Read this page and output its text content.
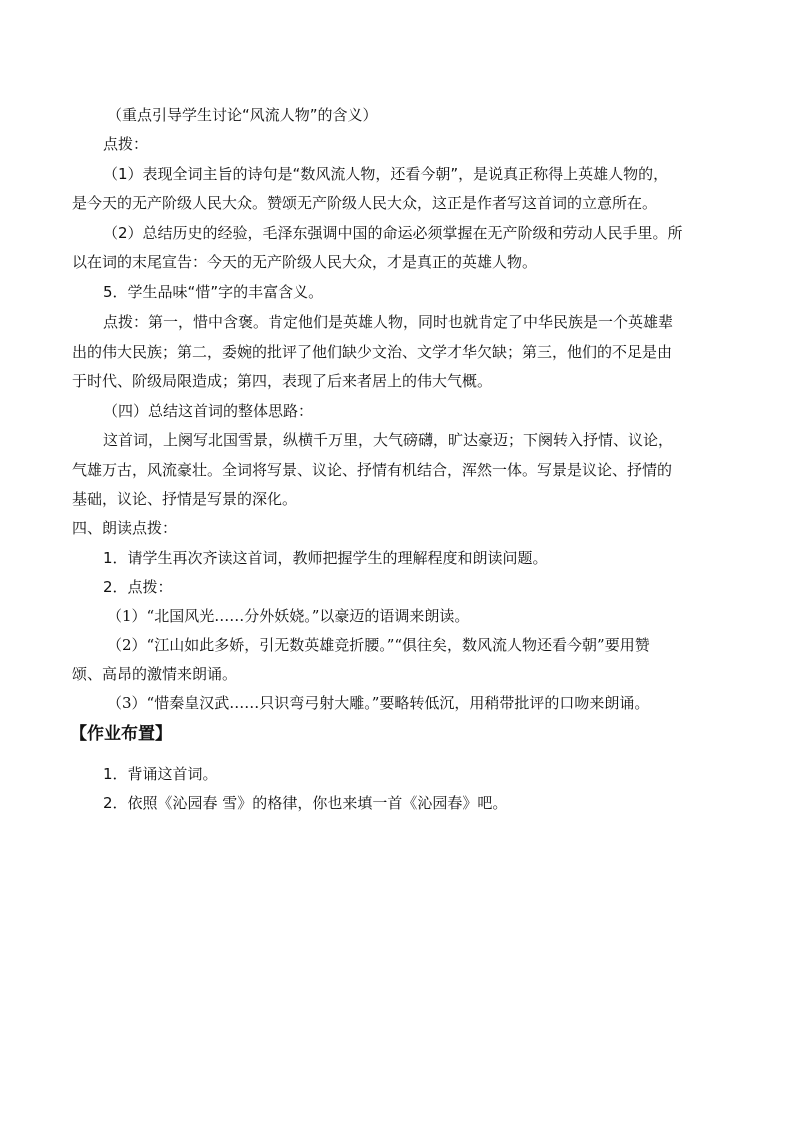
（重点引导学生讨论“风流人物”的含义）
点拨：
（1）表现全词主旨的诗句是“数风流人物，还看今朝”，是说真正称得上英雄人物的，
是今天的无产阶级人民大众。赞颂无产阶级人民大众，这正是作者写这首词的立意所在。
（2）总结历史的经验，毛泽东强调中国的命运必须掌握在无产阶级和劳动人民手里。所
以在词的末尾宣告：今天的无产阶级人民大众，才是真正的英雄人物。
5．学生品味“惜”字的丰富含义。
点拨：第一，惜中含褒。肯定他们是英雄人物，同时也就肯定了中华民族是一个英雄辈
出的伟大民族；第二，委婉的批评了他们缺少文治、文学才华欠缺；第三，他们的不足是由
于时代、阶级局限造成；第四，表现了后来者居上的伟大气概。
（四）总结这首词的整体思路：
这首词，上阕写北国雪景，纵横千万里，大气磅礴，旷达豪迈；下阕转入抒情、议论，
气雄万古，风流豪壮。全词将写景、议论、抒情有机结合，浑然一体。写景是议论、抒情的
基础，议论、抒情是写景的深化。
四、朗读点拨：
1．请学生再次齐读这首词，教师把握学生的理解程度和朗读问题。
2．点拨：
（1）“北国风光……分外妖娆。”以豪迈的语调来朗读。
（2）“江山如此多娇，引无数英雄竞折腰。”“俱往矣，数风流人物还看今朝”要用赞
颂、高昂的激情来朗诵。
（3）“惜秦皇汉武……只识弯弓射大雕。”要略转低沉，用稍带批评的口吻来朗诵。
【作业布置】
1．背诵这首词。
2．依照《沁园春 雪》的格律，你也来填一首《沁园春》吧。
